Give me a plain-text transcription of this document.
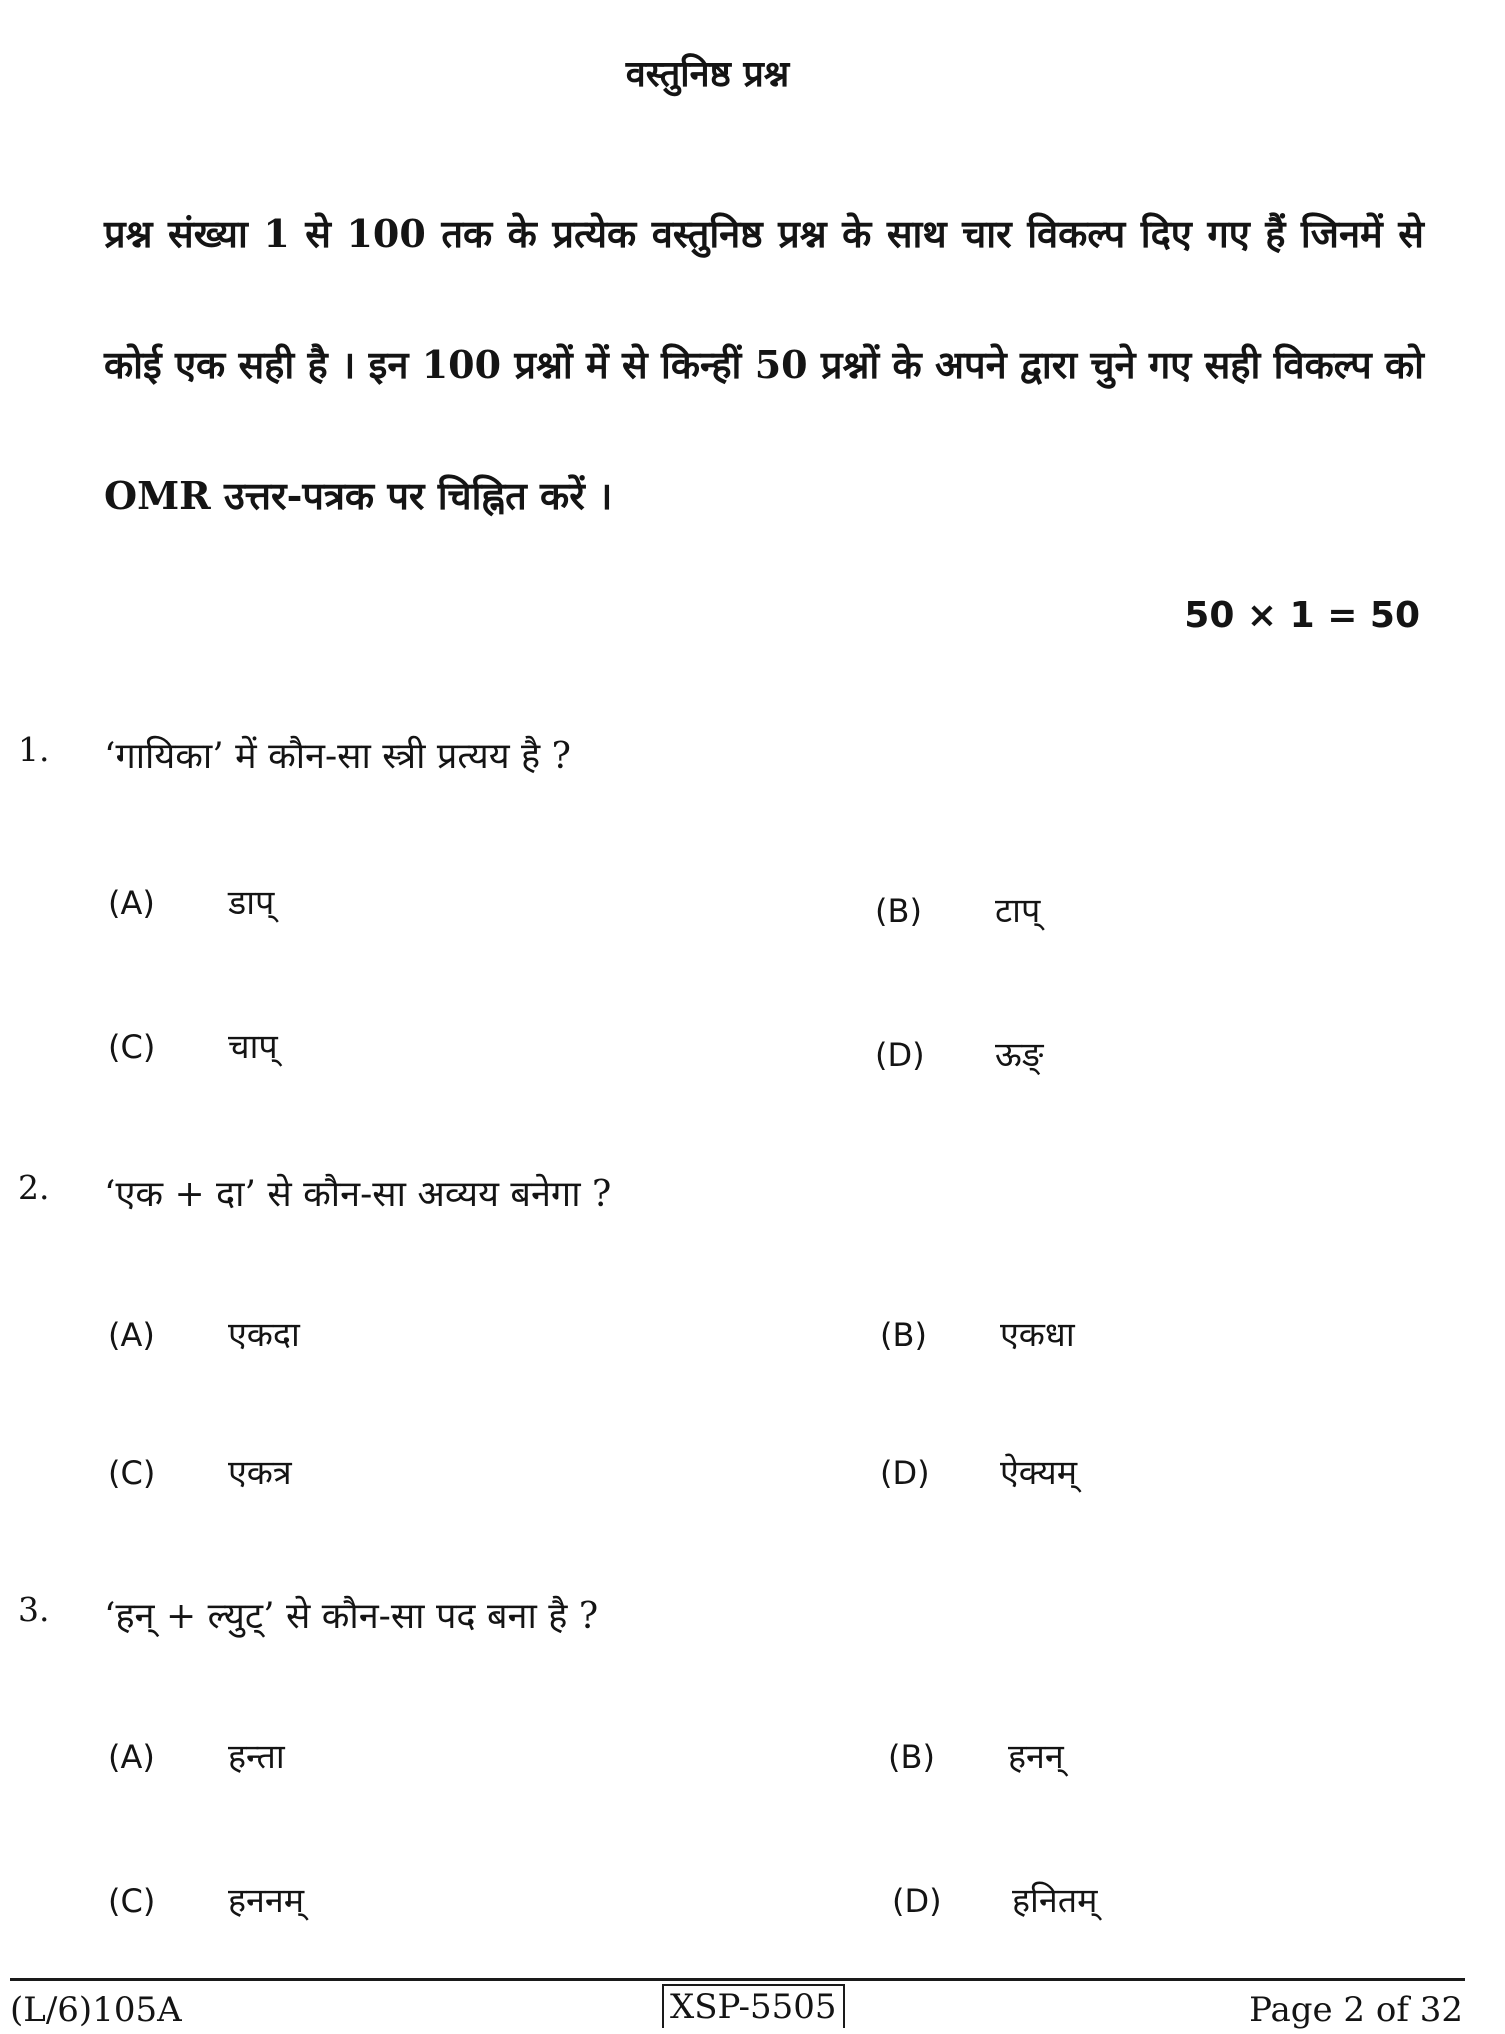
वस्तुनिष्ठ प्रश्न
प्रश्न संख्या 1 से 100 तक के प्रत्येक वस्तुनिष्ठ प्रश्न के साथ चार विकल्प दिए गए हैं जिनमें से कोई एक सही है । इन 100 प्रश्नों में से किन्हीं 50 प्रश्नों के अपने द्वारा चुने गए सही विकल्प को OMR उत्तर-पत्रक पर चिह्नित करें ।
50 × 1 = 50
1. ‘गायिका’ में कौन-सा स्त्री प्रत्यय है ?
(A) डाप्	(B) टाप्
(C) चाप्	(D) ऊङ्
2. ‘एक + दा’ से कौन-सा अव्यय बनेगा ?
(A) एकदा	(B) एकधा
(C) एकत्र	(D) ऐक्यम्
3. ‘हन् + ल्युट्’ से कौन-सा पद बना है ?
(A) हन्ता	(B) हनन्
(C) हननम्	(D) हनितम्
(L/6)105A	XSP-5505	Page 2 of 32
